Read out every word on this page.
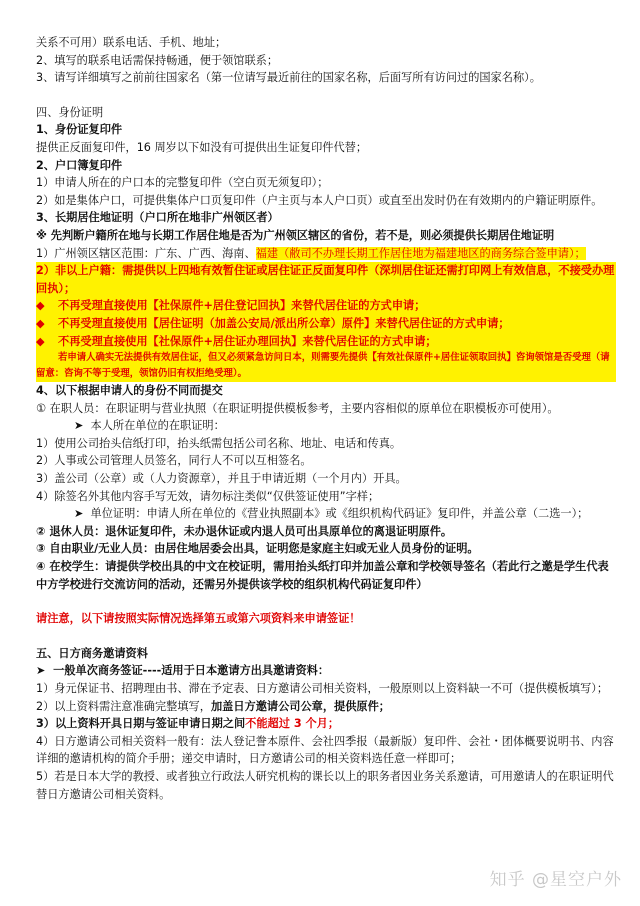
关系不可用）联系电话、手机、地址；
2、填写的联系电话需保持畅通，便于领馆联系；
3、请写详细填写之前前往国家名（第一位请写最近前往的国家名称，后面写所有访问过的国家名称）。
四、身份证明
1、身份证复印件
提供正反面复印件，16 周岁以下如没有可提供出生证复印件代替；
2、户口簿复印件
1）申请人所在的户口本的完整复印件（空白页无须复印）；
2）如是集体户口，可提供集体户口页复印件（户主页与本人户口页）或直至出发时仍在有效期内的户籍证明原件。
3、长期居住地证明（户口所在地非广州领区者）
※ 先判断户籍所在地与长期工作居住地是否为广州领区辖区的省份，若不是，则必须提供长期居住地证明
1）广州领区辖区范围：广东、广西、海南、福建（敝司不办理长期工作居住地为福建地区的商务综合签申请）；
2）非以上户籍：需提供以上四地有效暂住证或居住证正反面复印件（深圳居住证还需打印网上有效信息，不接受办理回执）；
◆ 不再受理直接使用【社保原件+居住登记回执】来替代居住证的方式申请；
◆ 不再受理直接使用【居住证明（加盖公安局/派出所公章）原件】来替代居住证的方式申请；
◆ 不再受理直接使用【社保原件+居住证办理回执】来替代居住证的方式申请；
若申请人确实无法提供有效居住证，但又必须紧急访问日本，则需要先提供【有效社保原件+居住证领取回执】咨询领馆是否受理（请留意：咨询不等于受理，领馆仍旧有权拒绝受理）。
4、以下根据申请人的身份不同而提交
① 在职人员：在职证明与营业执照（在职证明提供模板参考，主要内容相似的原单位在职模板亦可使用）。
➤  本人所在单位的在职证明：
1）使用公司抬头信纸打印，抬头纸需包括公司名称、地址、电话和传真。
2）人事或公司管理人员签名，同行人不可以互相签名。
3）盖公司（公章）或（人力资源章），并且于申请近期（一个月内）开具。
4）除签名外其他内容手写无效，请勿标注类似“仅供签证使用”字样；
➤  单位证明：申请人所在单位的《营业执照副本》或《组织机构代码证》复印件，并盖公章（二选一）；
② 退休人员：退休证复印件，未办退休证或内退人员可出具原单位的离退证明原件。
③ 自由职业/无业人员：由居住地居委会出具，证明您是家庭主妇或无业人员身份的证明。
④ 在校学生：请提供学校出具的中文在校证明，需用抬头纸打印并加盖公章和学校领导签名（若此行之邀是学生代表中方学校进行交流访问的活动，还需另外提供该学校的组织机构代码证复印件）
请注意，以下请按照实际情况选择第五或第六项资料来申请签证！
五、日方商务邀请资料
➤  一般单次商务签证----适用于日本邀请方出具邀请资料：
1）身元保证书、招聘理由书、滞在予定表、日方邀请公司相关资料，一般原则以上资料缺一不可（提供模板填写）；
2）以上资料需注意准确完整填写，加盖日方邀请公司公章，提供原件；
3）以上资料开具日期与签证申请日期之间不能超过 3 个月；
4）日方邀请公司相关资料一般有：法人登记誊本原件、会社四季报（最新版）复印件、会社・团体概要说明书、内容详细的邀请机构的简介手册；递交申请时，日方邀请公司的相关资料选任意一样即可；
5）若是日本大学的教授、或者独立行政法人研究机构的课长以上的职务者因业务关系邀请，可用邀请人的在职证明代替日方邀请公司相关资料。
知乎 @星空户外
